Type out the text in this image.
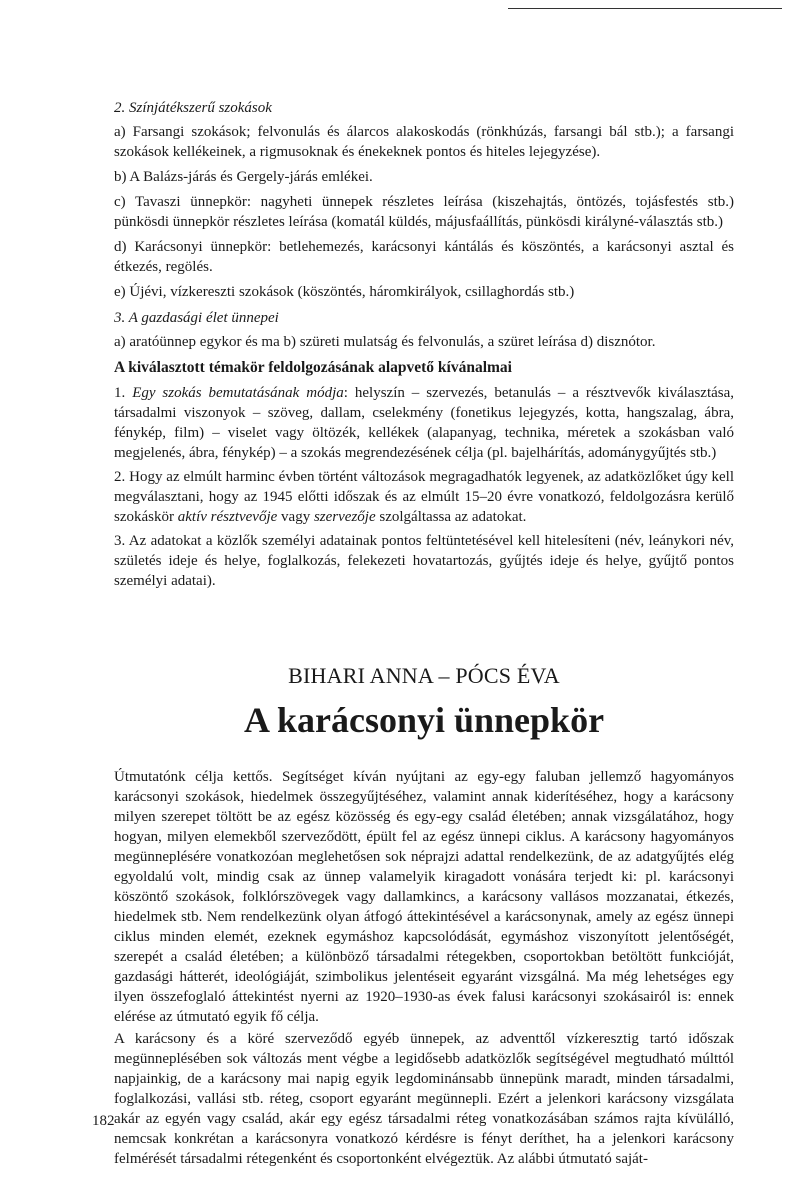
2. Színjátékszerű szokások

a) Farsangi szokások; felvonulás és álarcos alakoskodás (rönkhúzás, farsangi bál stb.); a farsangi szokások kellékeinek, a rigmusoknak és énekeknek pontos és hiteles lejegyzése).

b) A Balázs-járás és Gergely-járás emlékei.

c) Tavaszi ünnepkör: nagyheti ünnepek részletes leírása (kiszehajtás, öntözés, tojásfestés stb.) pünkösdi ünnepkör részletes leírása (komatál küldés, májusfaállítás, pünkösdi királyné-választás stb.)

d) Karácsonyi ünnepkör: betlehemezés, karácsonyi kántálás és köszöntés, a karácsonyi asztal és étkezés, regölés.

e) Újévi, vízkereszti szokások (köszöntés, háromkirályok, csillaghordás stb.)

3. A gazdasági élet ünnepei

a) aratóünnep egykor és ma b) szüreti mulatság és felvonulás, a szüret leírása d) disznótor.

A kiválasztott témakör feldolgozásának alapvető kívánalmai

1. Egy szokás bemutatásának módja: helyszín – szervezés, betanulás – a résztvevők kiválasztása, társadalmi viszonyok – szöveg, dallam, cselekmény (fonetikus lejegyzés, kotta, hangszalag, ábra, fénykép, film) – viselet vagy öltözék, kellékek (alapanyag, technika, méretek a szokásban való megjelenés, ábra, fénykép) – a szokás megrendezésének célja (pl. bajelhárítás, adománygyűjtés stb.)

2. Hogy az elmúlt harminc évben történt változások megragadhatók legyenek, az adatközlőket úgy kell megválasztani, hogy az 1945 előtti időszak és az elmúlt 15–20 évre vonatkozó, feldolgozásra kerülő szokáskör aktív résztvevője vagy szervezője szolgáltassa az adatokat.

3. Az adatokat a közlők személyi adatainak pontos feltüntetésével kell hitelesíteni (név, leánykori név, születés ideje és helye, foglalkozás, felekezeti hovatartozás, gyűjtés ideje és helye, gyűjtő pontos személyi adatai).

BIHARI ANNA – PÓCS ÉVA
A karácsonyi ünnepkör

Útmutatónk célja kettős. Segítséget kíván nyújtani az egy-egy faluban jellemző hagyományos karácsonyi szokások, hiedelmek összegyűjtéséhez, valamint annak kiderítéséhez, hogy a karácsony milyen szerepet töltött be az egész közösség és egy-egy család életében; annak vizsgálatához, hogy hogyan, milyen elemekből szerveződött, épült fel az egész ünnepi ciklus. A karácsony hagyományos megünneplésére vonatkozóan meglehetősen sok néprajzi adattal rendelkezünk, de az adatgyűjtés elég egyoldalú volt, mindig csak az ünnep valamelyik kiragadott vonására terjedt ki: pl. karácsonyi köszöntő szokások, folklórszövegek vagy dallamkincs, a karácsony vallásos mozzanatai, étkezés, hiedelmek stb. Nem rendelkezünk olyan átfogó áttekintésével a karácsonynak, amely az egész ünnepi ciklus minden elemét, ezeknek egymáshoz kapcsolódását, egymáshoz viszonyított jelentőségét, szerepét a család életében; a különböző társadalmi rétegekben, csoportokban betöltött funkcióját, gazdasági hátterét, ideológiáját, szimbolikus jelentéseit egyaránt vizsgálná. Ma még lehetséges egy ilyen összefoglaló áttekintést nyerni az 1920–1930-as évek falusi karácsonyi szokásairól is: ennek elérése az útmutató egyik fő célja.

A karácsony és a köré szerveződő egyéb ünnepek, az adventtől vízkeresztig tartó időszak megünneplésében sok változás ment végbe a legidősebb adatközlők segítségével megtudható múlttól napjainkig, de a karácsony mai napig egyik legdominánsabb ünnepünk maradt, minden társadalmi, foglalkozási, vallási stb. réteg, csoport egyaránt megünnepli. Ezért a jelenkori karácsony vizsgálata akár az egyén vagy család, akár egy egész társadalmi réteg vonatkozásában számos rajta kívülálló, nemcsak konkrétan a karácsonyra vonatkozó kérdésre is fényt deríthet, ha a jelenkori karácsony felmérését társadalmi rétegenként és csoportonként elvégeztük. Az alábbi útmutató saját-

182
